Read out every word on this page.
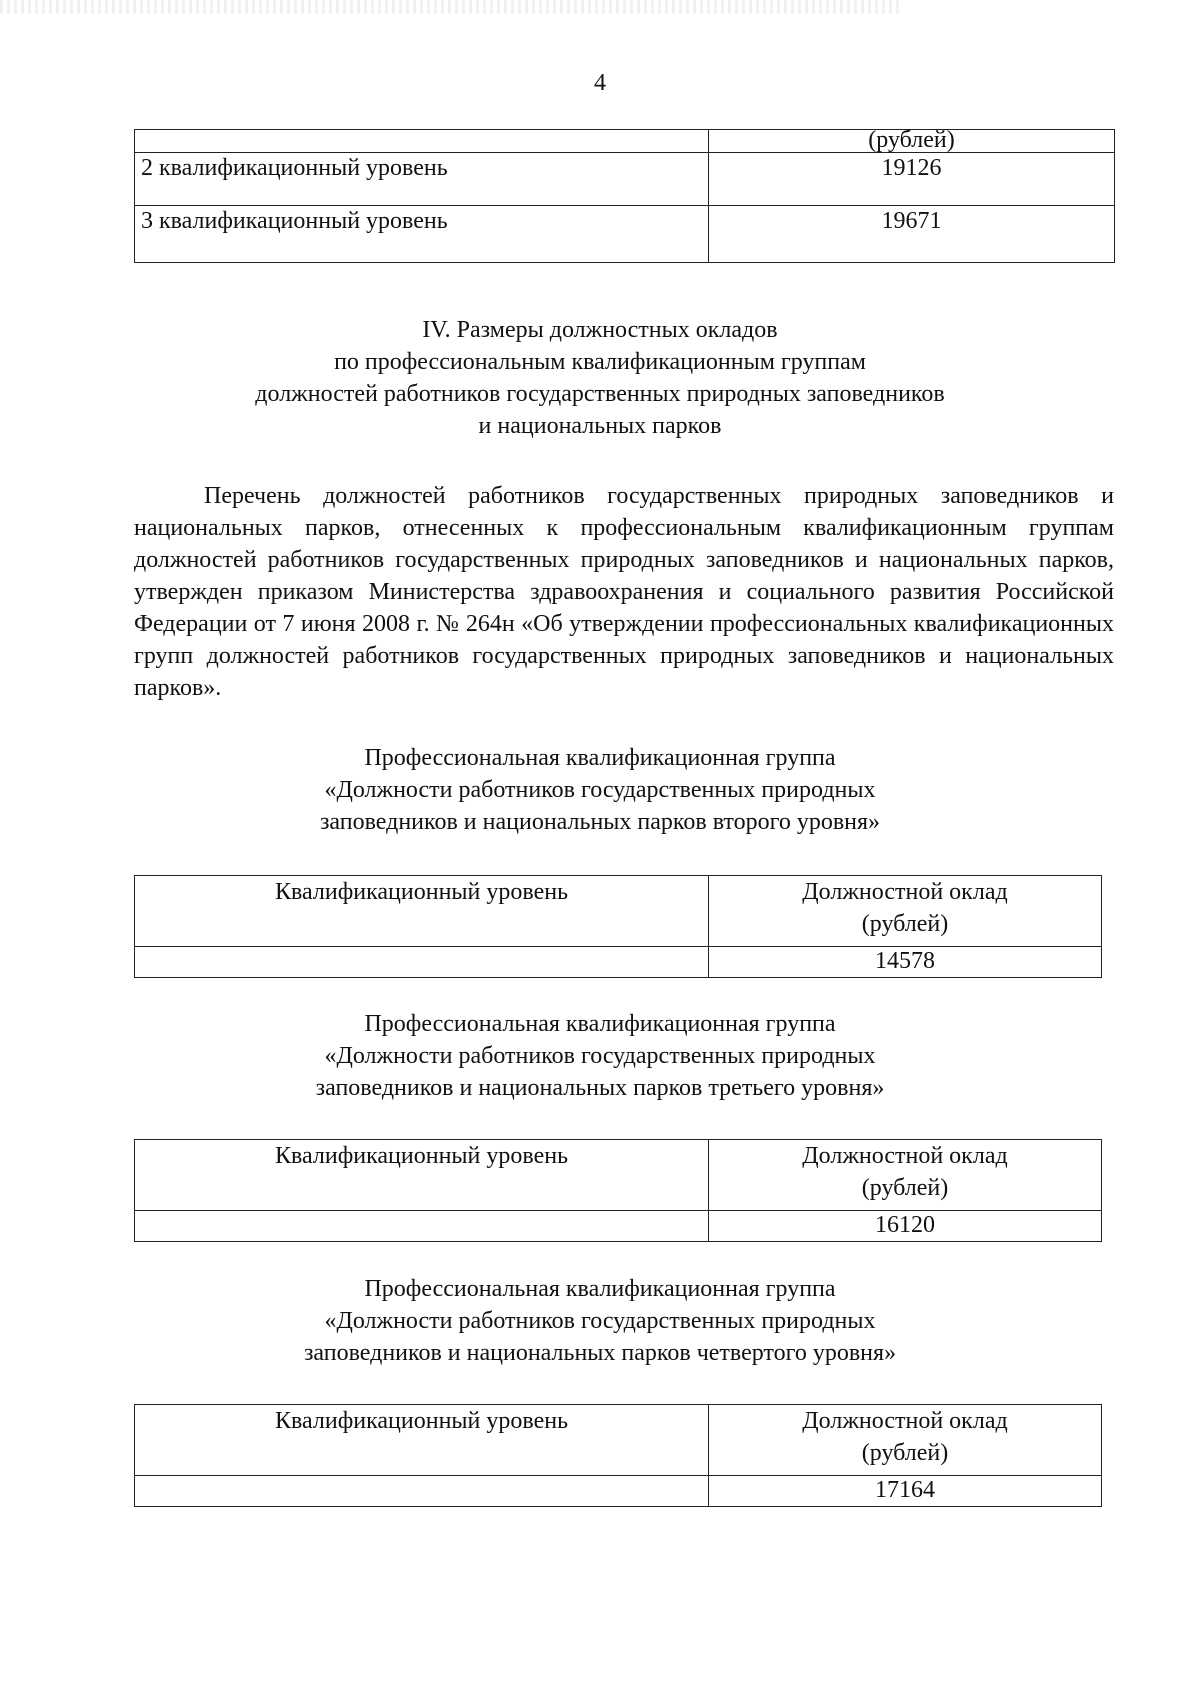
4
	(рублей)
2 квалификационный уровень	19126
3 квалификационный уровень	19671
IV. Размеры должностных окладов
по профессиональным квалификационным группам
должностей работников государственных природных заповедников
и национальных парков

Перечень должностей работников государственных природных заповедников и национальных парков, отнесенных к профессиональным квалификационным группам должностей работников государственных природных заповедников и национальных парков, утвержден приказом Министерства здравоохранения и социального развития Российской Федерации от 7 июня 2008 г. № 264н «Об утверждении профессиональных квалификационных групп должностей работников государственных природных заповедников и национальных парков».

Профессиональная квалификационная группа
«Должности работников государственных природных
заповедников и национальных парков второго уровня»
Квалификационный уровень	Должностной оклад
(рублей)

	14578
Профессиональная квалификационная группа
«Должности работников государственных природных
заповедников и национальных парков третьего уровня»
Квалификационный уровень	Должностной оклад
(рублей)

	16120
Профессиональная квалификационная группа
«Должности работников государственных природных
заповедников и национальных парков четвертого уровня»
Квалификационный уровень	Должностной оклад
(рублей)

	17164
